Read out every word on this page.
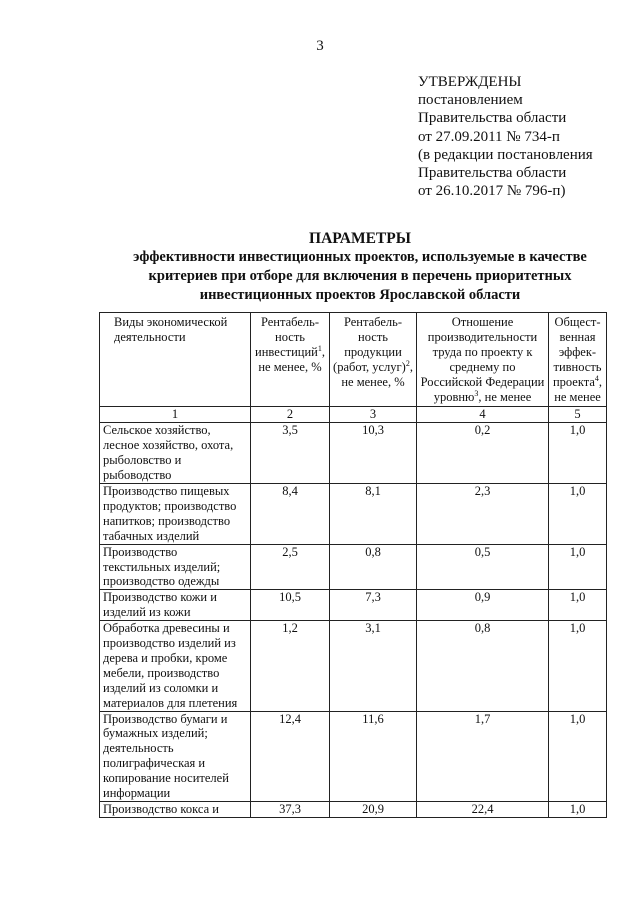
3
УТВЕРЖДЕНЫ
постановлением
Правительства области
от 27.09.2011 № 734-п
(в редакции постановления
Правительства области
от 26.10.2017 № 796-п)
ПАРАМЕТРЫ
эффективности инвестиционных проектов, используемые в качестве
критериев при отборе для включения в перечень приоритетных
инвестиционных проектов Ярославской области
Виды экономической деятельности	Рентабель-ность инвестиций$^1$, не менее, %	Рентабель-ность продукции (работ, услуг)$^2$, не менее, %	Отношение производительности труда по проекту к среднему по Российской Федерации уровню$^3$, не менее	Общест-венная эффек-тивность проекта$^4$, не менее
1	2	3	4	5
Сельское хозяйство, лесное хозяйство, охота, рыболовство и рыбоводство	3,5	10,3	0,2	1,0
Производство пищевых продуктов; производство напитков; производство табачных изделий	8,4	8,1	2,3	1,0
Производство текстильных изделий; производство одежды	2,5	0,8	0,5	1,0
Производство кожи и изделий из кожи	10,5	7,3	0,9	1,0
Обработка древесины и производство изделий из дерева и пробки, кроме мебели, производство изделий из соломки и материалов для плетения	1,2	3,1	0,8	1,0
Производство бумаги и бумажных изделий; деятельность полиграфическая и копирование носителей информации	12,4	11,6	1,7	1,0
Производство кокса и	37,3	20,9	22,4	1,0
